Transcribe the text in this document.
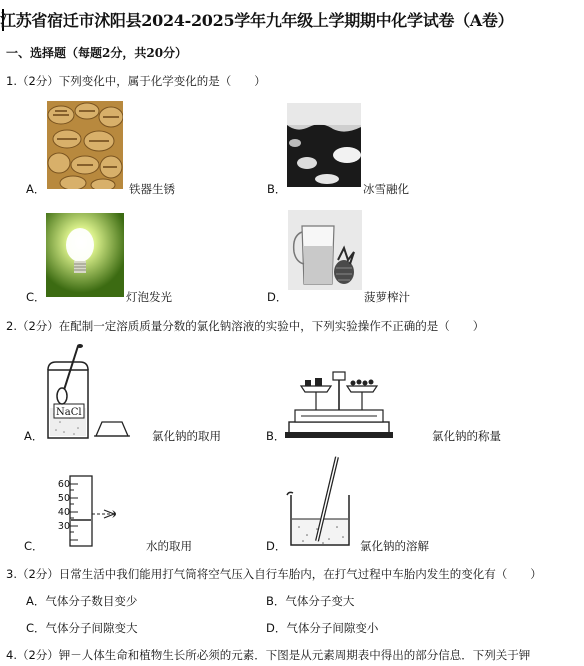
江苏省宿迁市沭阳县2024-2025学年九年级上学期期中化学试卷（A卷）
一、选择题（每题2分，共20分）
1.（2分）下列变化中，属于化学变化的是（　　）
A．	铁器生锈	B．	冰雪融化
C．	灯泡发光	D．	菠萝榨汁
2.（2分）在配制一定溶质质量分数的氯化钠溶液的实验中，下列实验操作不正确的是（　　）
NaCl
A．	氯化钠的取用	B．	氯化钠的称量
60
50
40
30
C．	水的取用	D．	氯化钠的溶解
3.（2分）日常生活中我们能用打气筒将空气压入自行车胎内，在打气过程中车胎内发生的变化有（　　）
A．气体分子数目变少	B．气体分子变大
C．气体分子间隙变大	D．气体分子间隙变小
4.（2分）钾－人体生命和植物生长所必须的元素．下图是从元素周期表中得出的部分信息．下列关于钾
